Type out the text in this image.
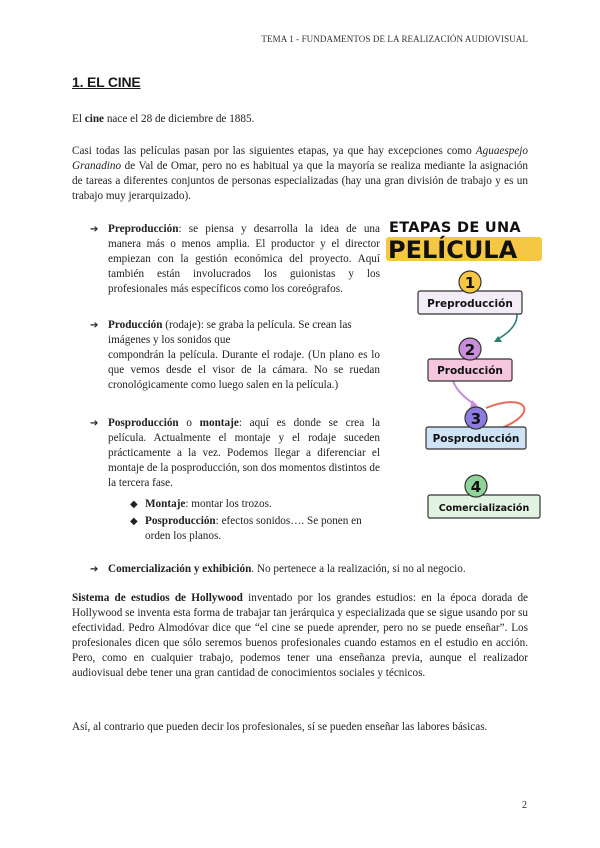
TEMA 1 - FUNDAMENTOS DE LA REALIZACIÓN AUDIOVISUAL
1. EL CINE

El cine nace el 28 de diciembre de 1885.

Casi todas las películas pasan por las siguientes etapas, ya que hay excepciones como Aguaespejo Granadino de Val de Omar, pero no es habitual ya que la mayoría se realiza mediante la asignación de tareas a diferentes conjuntos de personas especializadas (hay una gran división de trabajo y es un trabajo muy jerarquizado).

➔ Preproducción: se piensa y desarrolla la idea de una manera más o menos amplia. El productor y el director empiezan con la gestión económica del proyecto. Aquí también están involucrados los guionistas y los profesionales más específicos como los coreógrafos.

➔ Producción (rodaje): se graba la película. Se crean las
imágenes y los sonidos que
compondrán la película. Durante el rodaje. (Un plano es lo que vemos desde el visor de la cámara. No se ruedan cronológicamente como luego salen en la película.)

➔ Posproducción o montaje: aquí es donde se crea la película. Actualmente el montaje y el rodaje suceden prácticamente a la vez. Podemos llegar a diferenciar el montaje de la posproducción, son dos momentos distintos de la tercera fase.

◆ Montaje: montar los trozos.
◆ Posproducción: efectos sonidos…. Se ponen en orden los planos.
➔ Comercialización y exhibición. No pertenece a la realización, si no al negocio.

Sistema de estudios de Hollywood inventado por los grandes estudios: en la época dorada de Hollywood se inventa esta forma de trabajar tan jerárquica y especializada que se sigue usando por su efectividad. Pedro Almodóvar dice que “el cine se puede aprender, pero no se puede enseñar”. Los profesionales dicen que sólo seremos buenos profesionales cuando estamos en el estudio en acción. Pero, como en cualquier trabajo, podemos tener una enseñanza previa, aunque el realizador audiovisual debe tener una gran cantidad de conocimientos sociales y técnicos.

Así, al contrario que pueden decir los profesionales, sí se pueden enseñar las labores básicas.

ETAPAS DE UNA
PELÍCULA
1
Preproducción
2
Producción
3
Posproducción
4
Comercialización
2
